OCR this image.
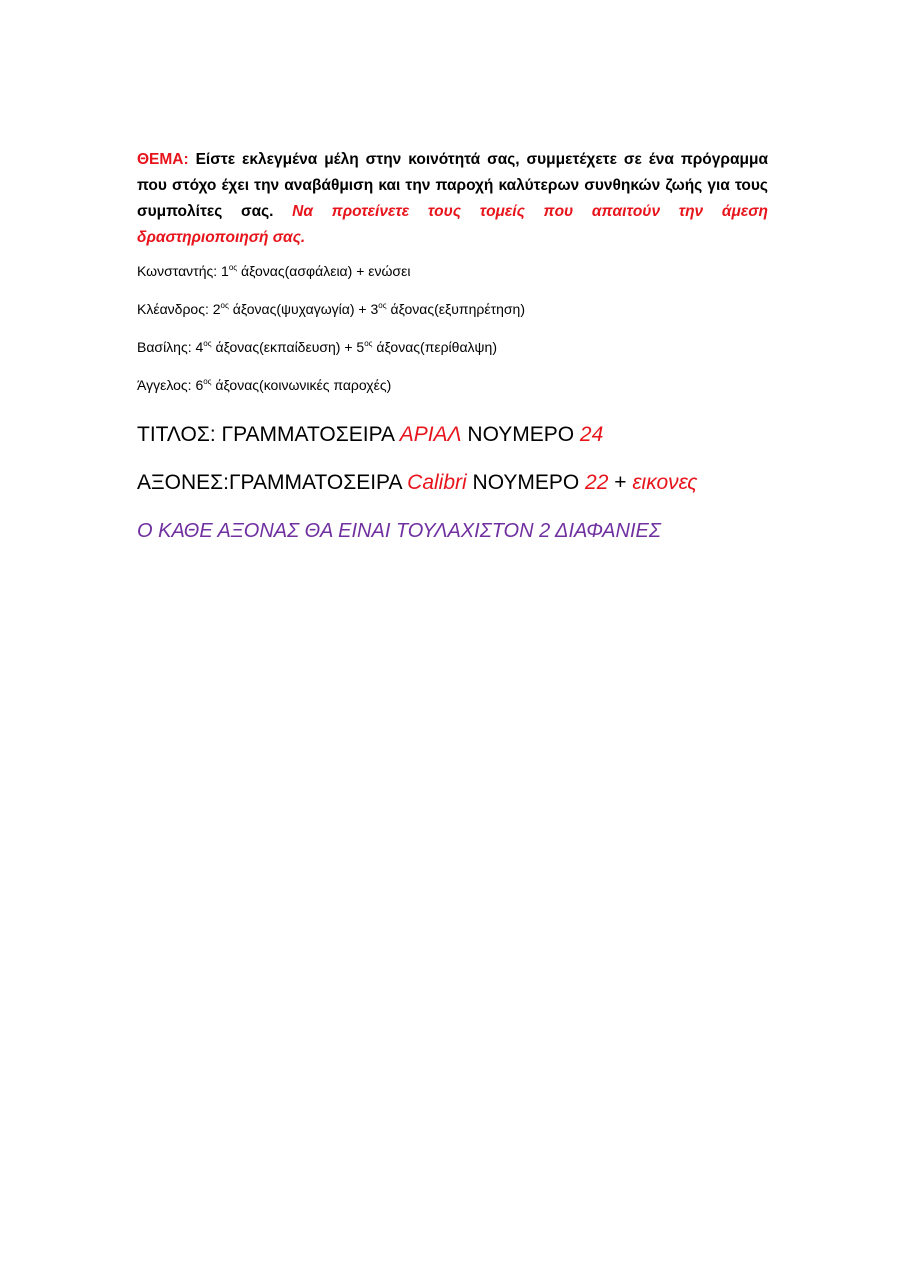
ΘΕΜΑ: Είστε εκλεγμένα μέλη στην κοινότητά σας, συμμετέχετε σε ένα πρόγραμμα που στόχο έχει την αναβάθμιση και την παροχή καλύτερων συνθηκών ζωής για τους συμπολίτες σας. Να προτείνετε τους τομείς που απαιτούν την άμεση δραστηριοποιησή σας.

Κωνσταντής: $1^{o\varsigma}$ άξονας(ασφάλεια) + ενώσει

Κλέανδρος: $2^{o\varsigma}$ $ά\xi o\nu\alpha\varsigma(\psi\upsilon\chi\alpha\gamma\omega\gamma ί\alpha) + 3^{o\varsigma}$ άξονας(εξυπηρέτηση)

Βασίλης: $4^{o\varsigma}$ $ά\xi o\nu\alpha\varsigma(\varepsilon\kappa\pi\alpha ί\delta\varepsilon\upsilon\sigma\eta) + 5^{o\varsigma}$ άξονας(περίθαλψη)

Άγγελος: $6^{o\varsigma}$ άξονας(κοινωνικές παροχές)

ΤΙΤΛΟΣ: ΓΡΑΜΜΑΤΟΣΕΙΡΑ ΑΡΙΑΛ ΝΟΥΜΕΡΟ 24

ΑΞΟΝΕΣ:ΓΡΑΜΜΑΤΟΣΕΙΡΑ Calibri ΝΟΥΜΕΡΟ 22 + εικονες

Ο ΚΑΘΕ ΑΞΟΝΑΣ ΘΑ ΕΙΝΑΙ ΤΟΥΛΑΧΙΣΤΟΝ 2 ΔΙΑΦΑΝΙΕΣ
